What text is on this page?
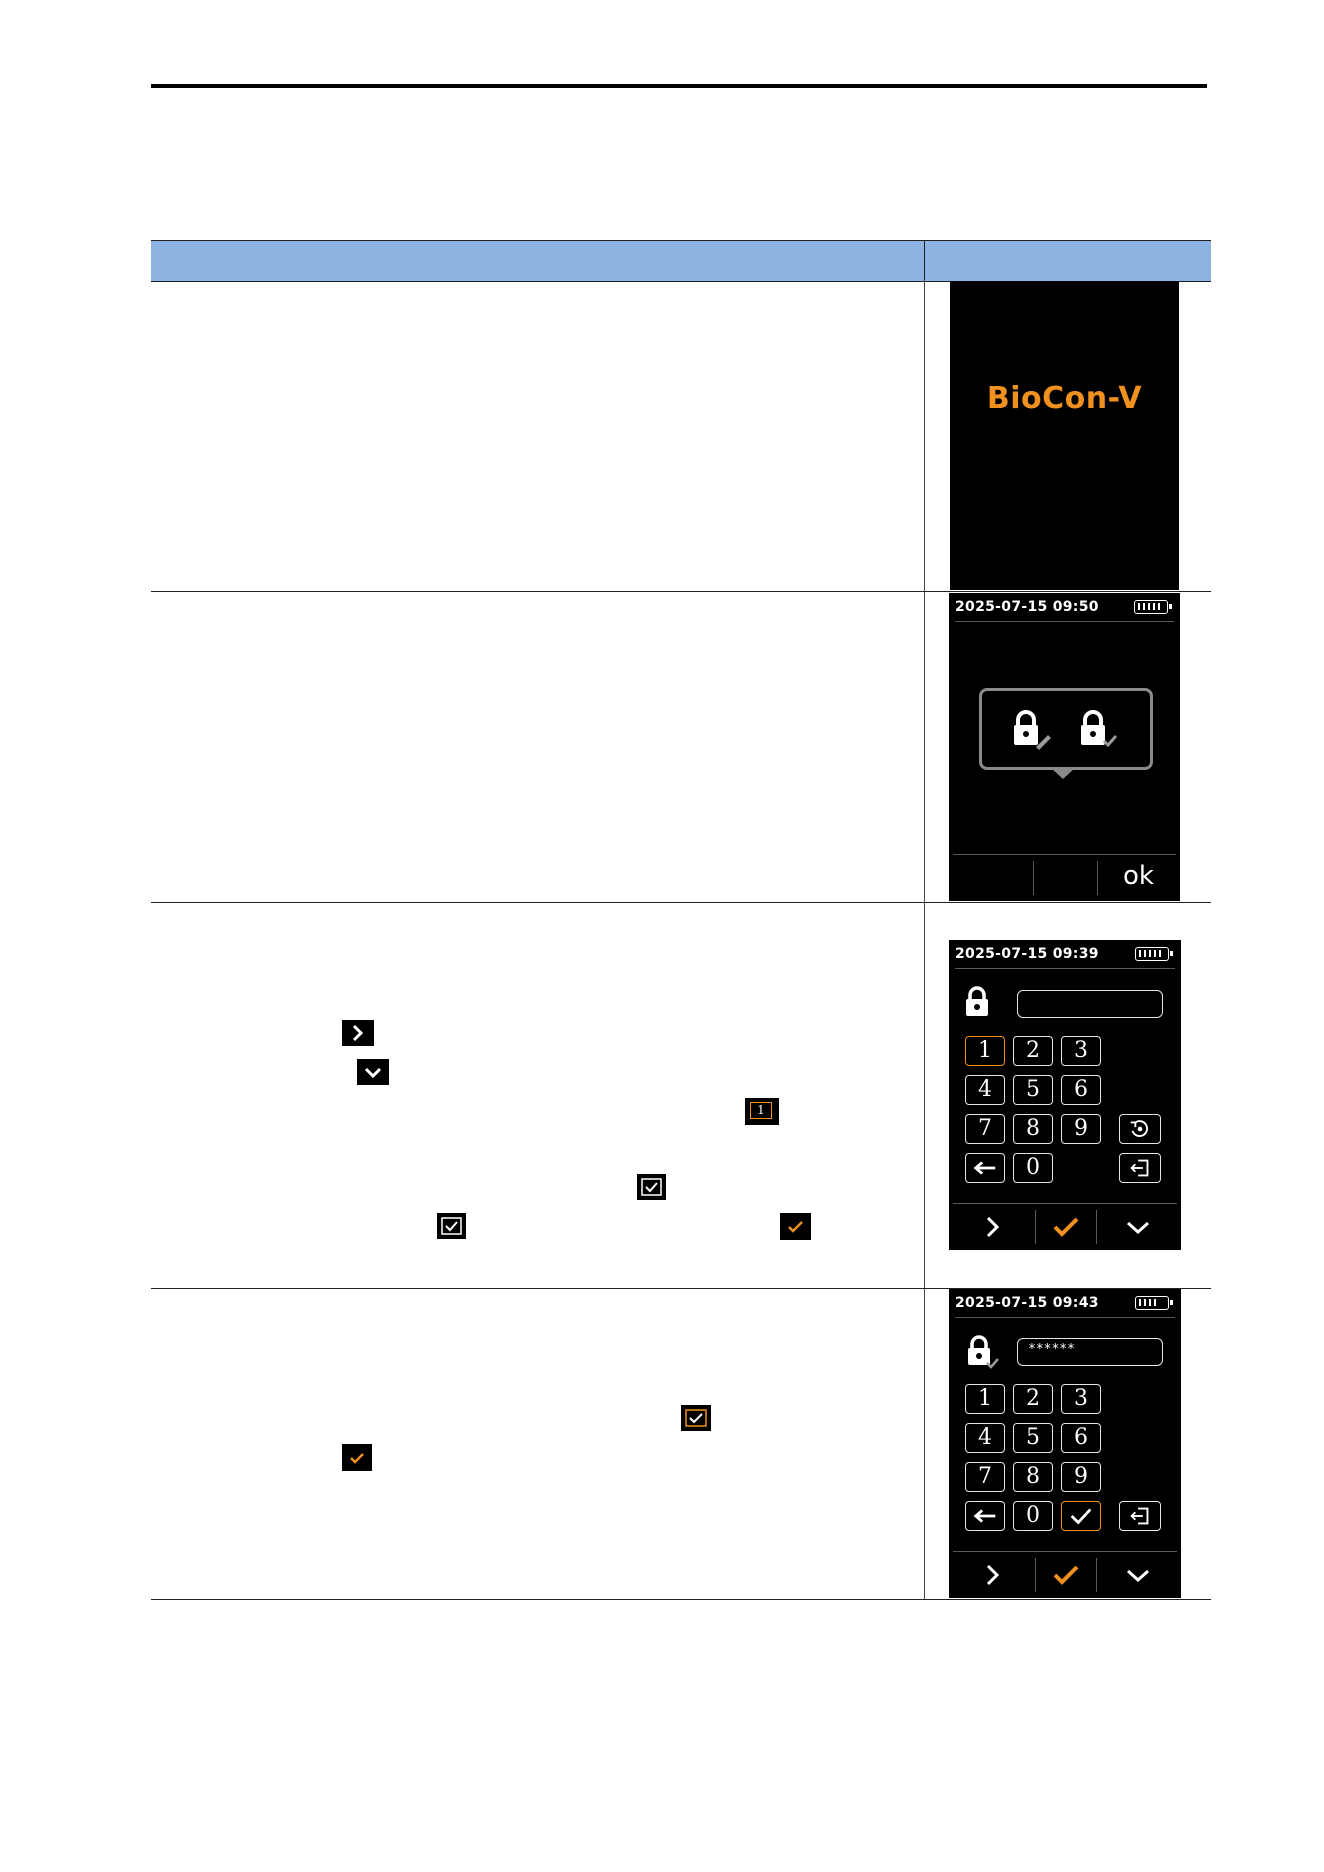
1
BioCon-V
2025-07-15 09:50
ok
2025-07-15 09:39
1	2	3
4	5	6
7	8	9
0
2025-07-15 09:43
******
1	2	3
4	5	6
7	8	9
0
